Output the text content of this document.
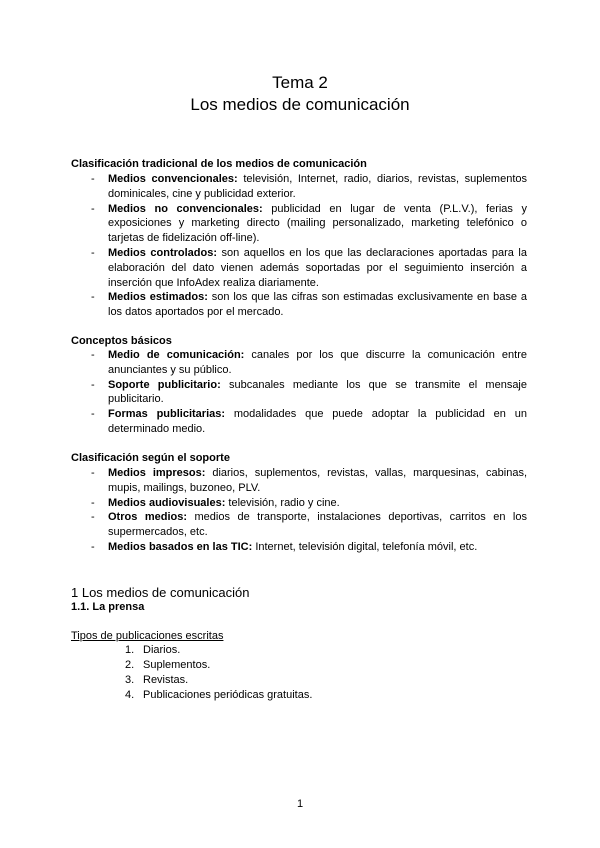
Tema 2
Los medios de comunicación
Clasificación tradicional de los medios de comunicación
- Medios convencionales: televisión, Internet, radio, diarios, revistas, suplementos dominicales, cine y publicidad exterior.
- Medios no convencionales: publicidad en lugar de venta (P.L.V.), ferias y exposiciones y marketing directo (mailing personalizado, marketing telefónico o tarjetas de fidelización off-line).
- Medios controlados: son aquellos en los que las declaraciones aportadas para la elaboración del dato vienen además soportadas por el seguimiento inserción a inserción que InfoAdex realiza diariamente.
- Medios estimados: son los que las cifras son estimadas exclusivamente en base a los datos aportados por el mercado.
Conceptos básicos
- Medio de comunicación: canales por los que discurre la comunicación entre anunciantes y su público.
- Soporte publicitario: subcanales mediante los que se transmite el mensaje publicitario.
- Formas publicitarias: modalidades que puede adoptar la publicidad en un determinado medio.
Clasificación según el soporte
- Medios impresos: diarios, suplementos, revistas, vallas, marquesinas, cabinas, mupis, mailings, buzoneo, PLV.
- Medios audiovisuales: televisión, radio y cine.
- Otros medios: medios de transporte, instalaciones deportivas, carritos en los supermercados, etc.
- Medios basados en las TIC: Internet, televisión digital, telefonía móvil, etc.
1 Los medios de comunicación
1.1. La prensa
Tipos de publicaciones escritas
1. Diarios.
2. Suplementos.
3. Revistas.
4. Publicaciones periódicas gratuitas.
1
